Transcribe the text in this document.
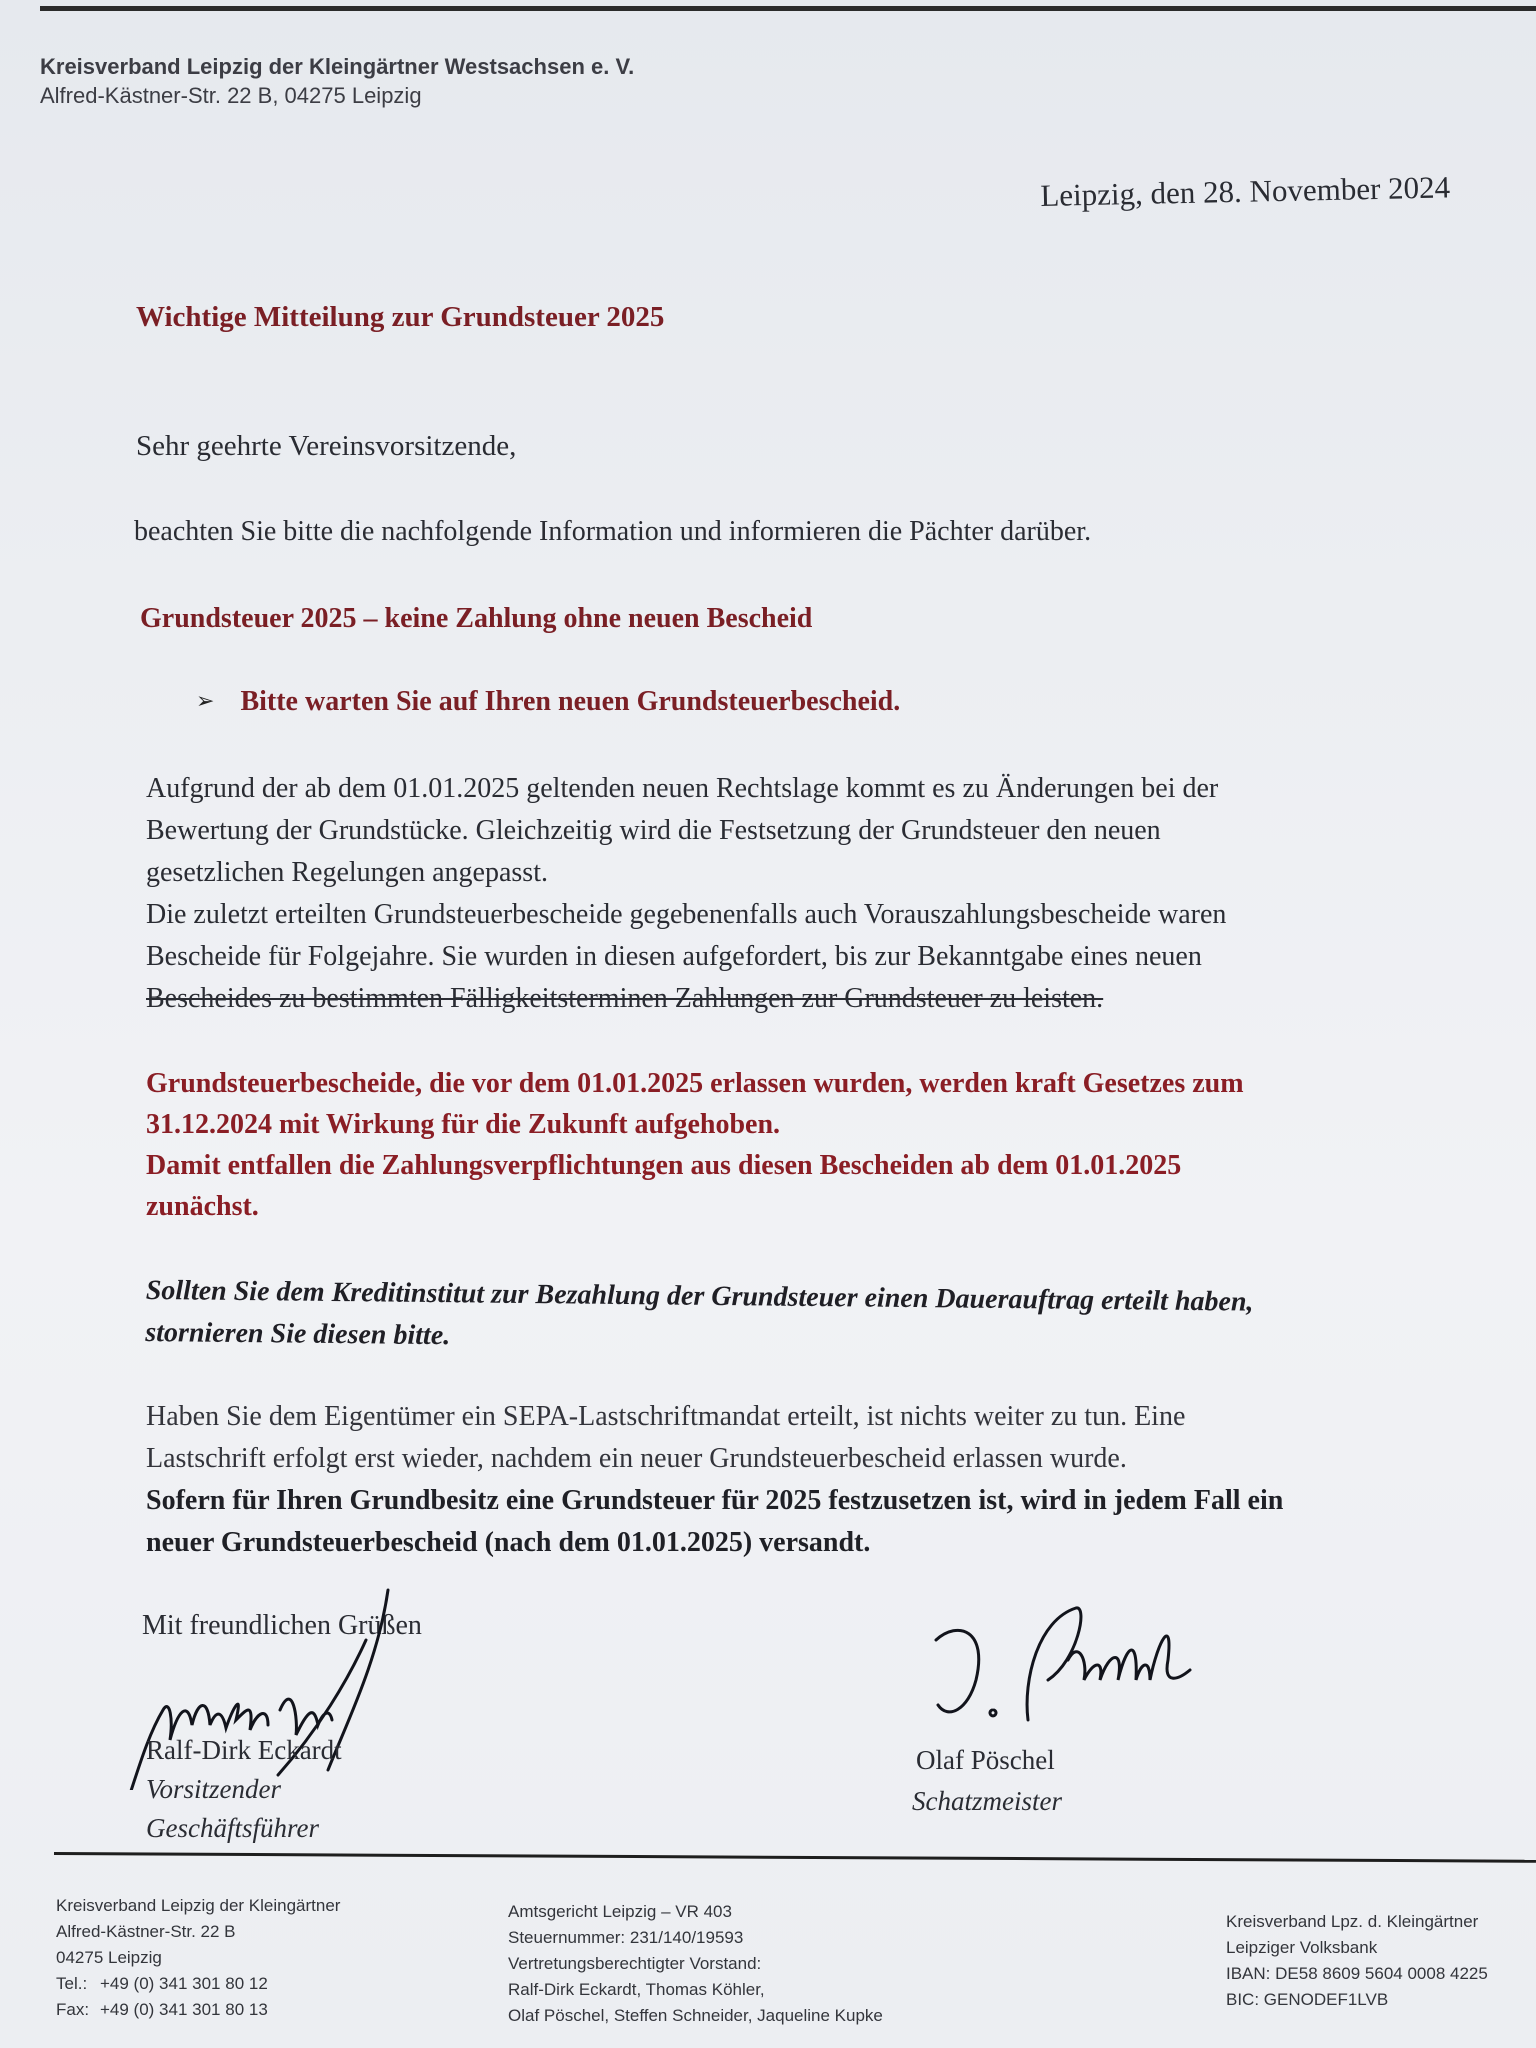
Kreisverband Leipzig der Kleingärtner Westsachsen e. V.
Alfred-Kästner-Str. 22 B, 04275 Leipzig
Leipzig, den 28. November 2024
Wichtige Mitteilung zur Grundsteuer 2025
Sehr geehrte Vereinsvorsitzende,
beachten Sie bitte die nachfolgende Information und informieren die Pächter darüber.
Grundsteuer 2025 – keine Zahlung ohne neuen Bescheid
➢ Bitte warten Sie auf Ihren neuen Grundsteuerbescheid.
Aufgrund der ab dem 01.01.2025 geltenden neuen Rechtslage kommt es zu Änderungen bei der
Bewertung der Grundstücke. Gleichzeitig wird die Festsetzung der Grundsteuer den neuen
gesetzlichen Regelungen angepasst.
Die zuletzt erteilten Grundsteuerbescheide gegebenenfalls auch Vorauszahlungsbescheide waren
Bescheide für Folgejahre. Sie wurden in diesen aufgefordert, bis zur Bekanntgabe eines neuen
Bescheides zu bestimmten Fälligkeitsterminen Zahlungen zur Grundsteuer zu leisten.
Grundsteuerbescheide, die vor dem 01.01.2025 erlassen wurden, werden kraft Gesetzes zum
31.12.2024 mit Wirkung für die Zukunft aufgehoben.
Damit entfallen die Zahlungsverpflichtungen aus diesen Bescheiden ab dem 01.01.2025
zunächst.
Sollten Sie dem Kreditinstitut zur Bezahlung der Grundsteuer einen Dauerauftrag erteilt haben,
stornieren Sie diesen bitte.
Haben Sie dem Eigentümer ein SEPA-Lastschriftmandat erteilt, ist nichts weiter zu tun. Eine
Lastschrift erfolgt erst wieder, nachdem ein neuer Grundsteuerbescheid erlassen wurde.
Sofern für Ihren Grundbesitz eine Grundsteuer für 2025 festzusetzen ist, wird in jedem Fall ein
neuer Grundsteuerbescheid (nach dem 01.01.2025) versandt.
Mit freundlichen Grüßen
Ralf-Dirk Eckardt
Vorsitzender
Geschäftsführer
Olaf Pöschel
Schatzmeister
Kreisverband Leipzig der Kleingärtner
Alfred-Kästner-Str. 22 B
04275 Leipzig
Tel.: +49 (0) 341 301 80 12
Fax: +49 (0) 341 301 80 13
Amtsgericht Leipzig – VR 403
Steuernummer: 231/140/19593
Vertretungsberechtigter Vorstand:
Ralf-Dirk Eckardt, Thomas Köhler,
Olaf Pöschel, Steffen Schneider, Jaqueline Kupke
Kreisverband Lpz. d. Kleingärtner
Leipziger Volksbank
IBAN: DE58 8609 5604 0008 4225
BIC: GENODEF1LVB
